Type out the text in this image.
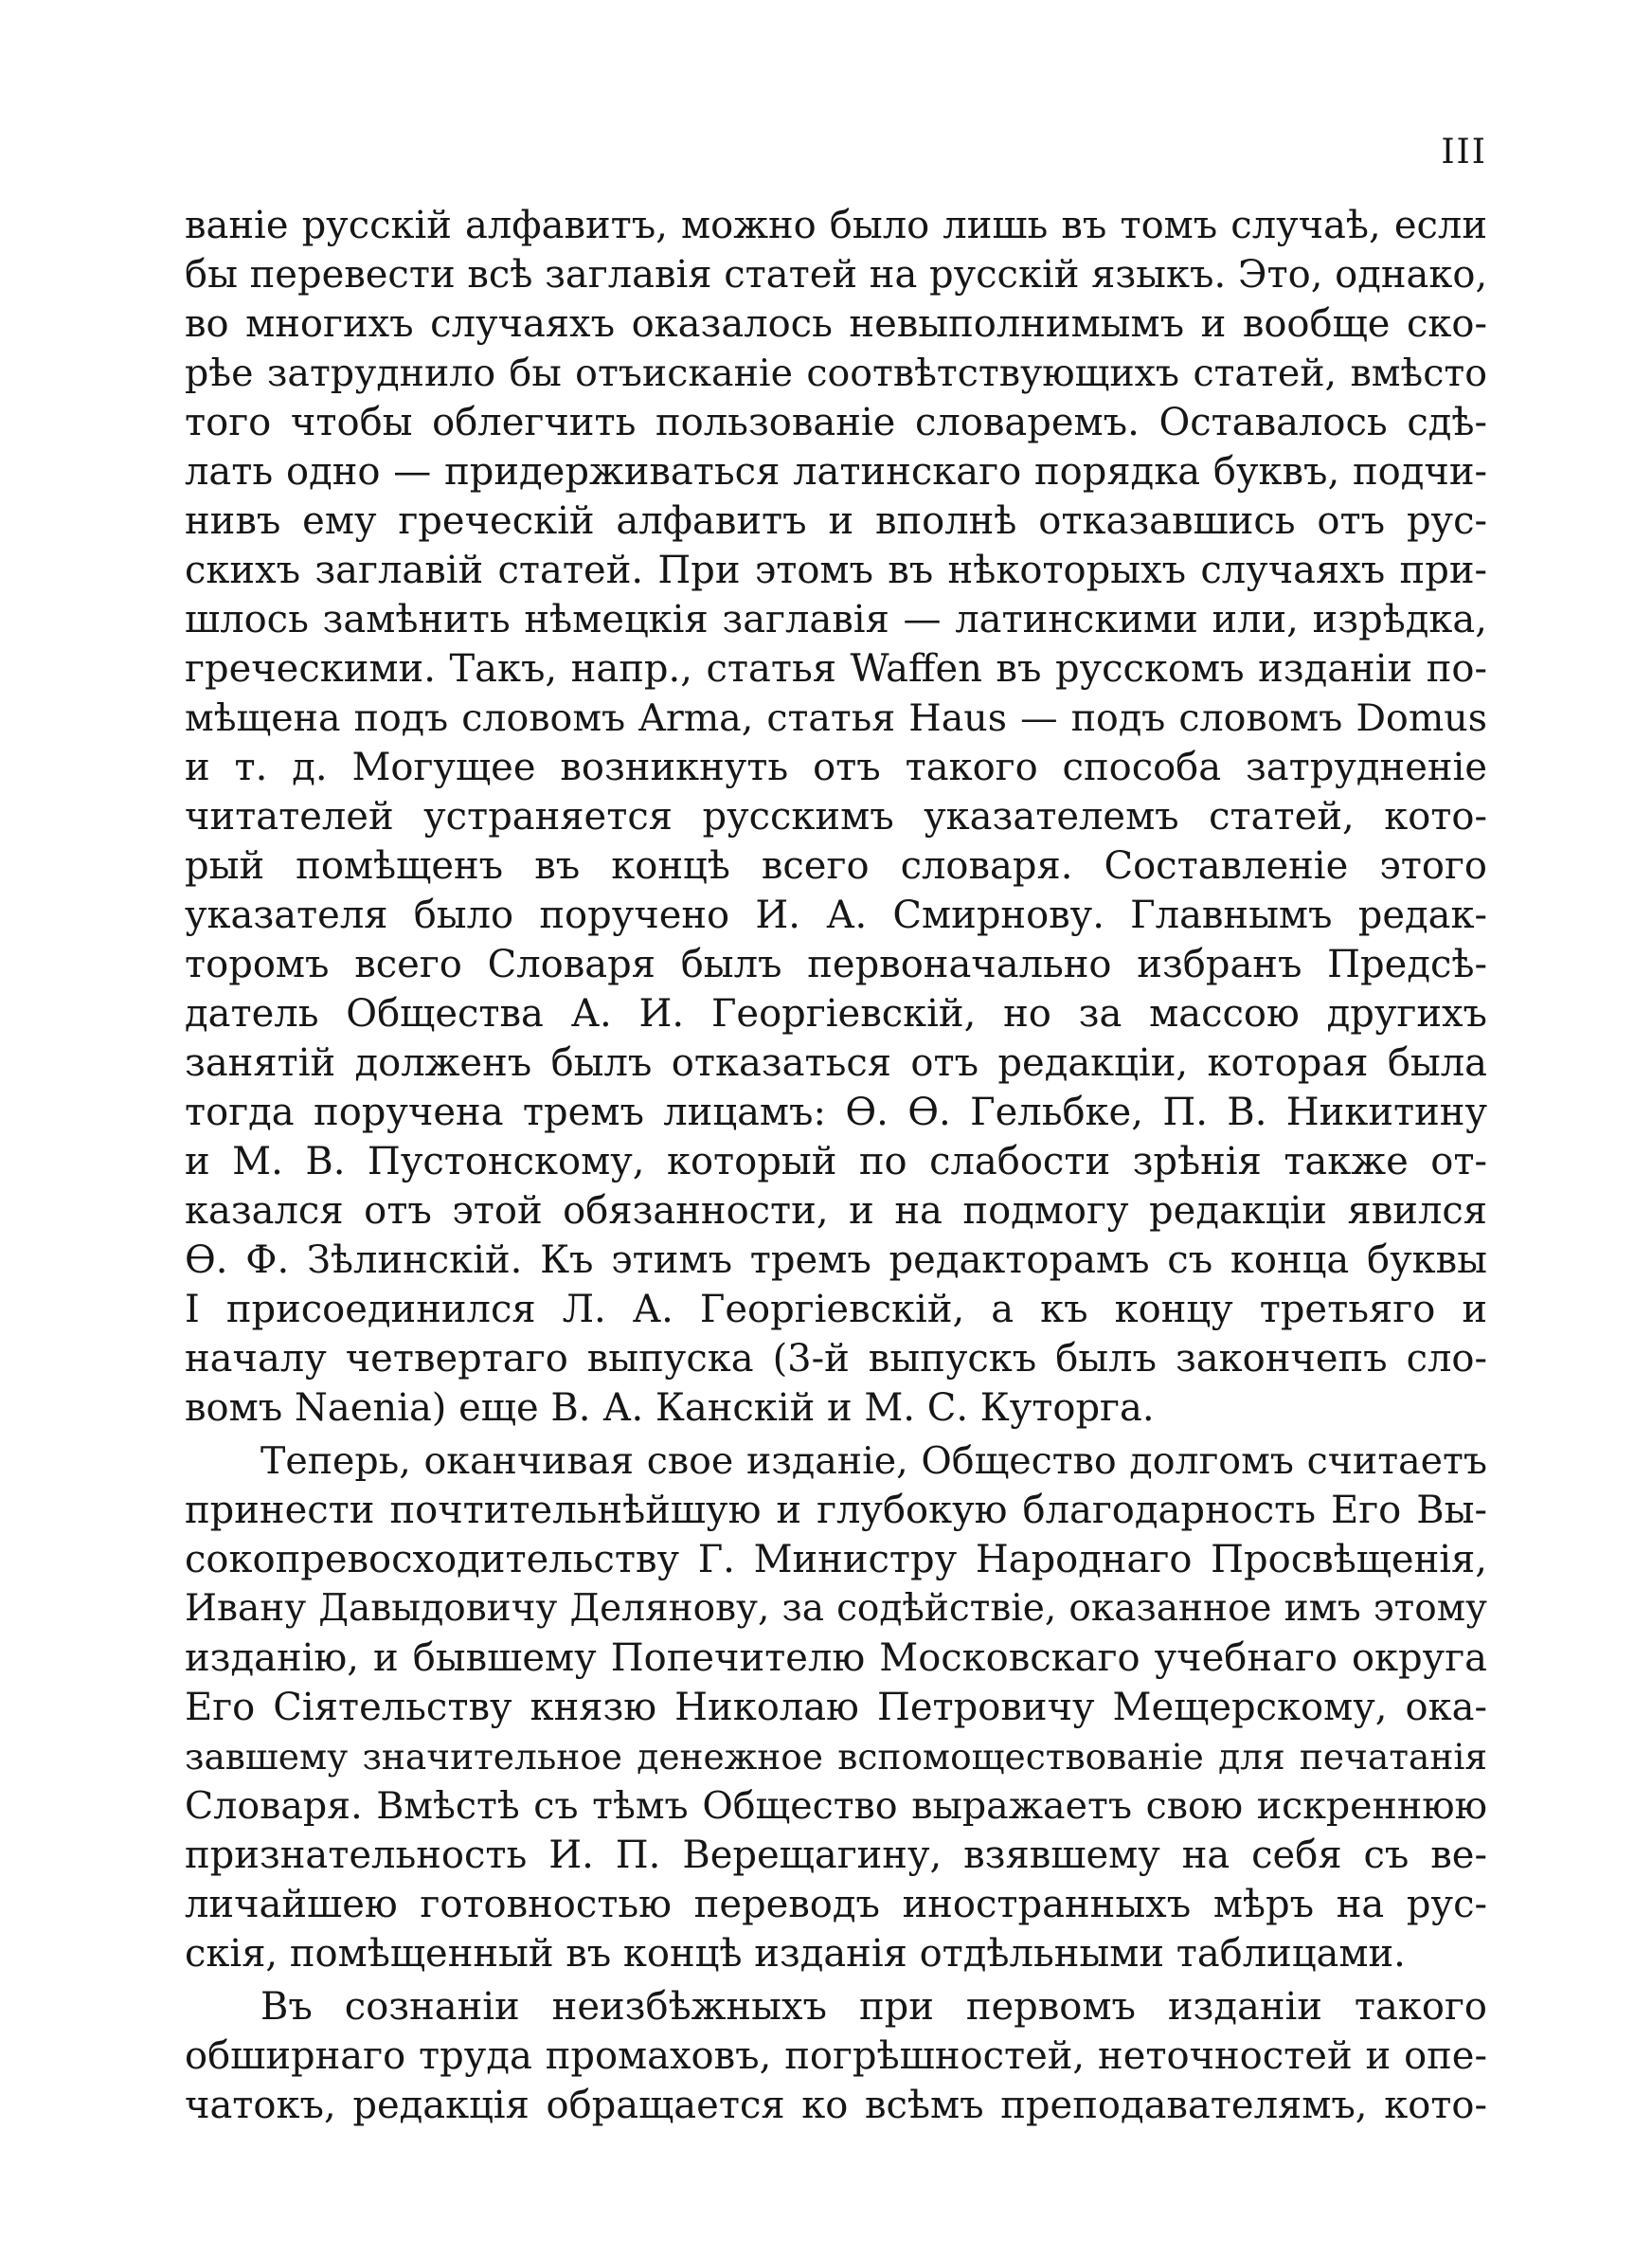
III
ваніе русскій алфавитъ, можно было лишь въ томъ случаѣ, если
бы перевести всѣ заглавія статей на русскій языкъ. Это, однако,
во многихъ случаяхъ оказалось невыполнимымъ и вообще ско-
рѣе затруднило бы отъисканіе соотвѣтствующихъ статей, вмѣсто
того чтобы облегчить пользованіе словаремъ. Оставалось сдѣ-
лать одно — придерживаться латинскаго порядка буквъ, подчи-
нивъ ему греческій алфавитъ и вполнѣ отказавшись отъ рус-
скихъ заглавій статей. При этомъ въ нѣкоторыхъ случаяхъ при-
шлось замѣнить нѣмецкія заглавія — латинскими или, изрѣдка,
греческими. Такъ, напр., статья Waffen въ русскомъ изданіи по-
мѣщена подъ словомъ Arma, статья Haus — подъ словомъ Domus
и т. д. Могущее возникнуть отъ такого способа затрудненіе
читателей устраняется русскимъ указателемъ статей, кото-
рый помѣщенъ въ концѣ всего словаря. Составленіе этого
указателя было поручено И. А. Смирнову. Главнымъ редак-
торомъ всего Словаря былъ первоначально избранъ Предсѣ-
датель Общества А. И. Георгіевскій, но за массою другихъ
занятій долженъ былъ отказаться отъ редакціи, которая была
тогда поручена тремъ лицамъ: Ѳ. Ѳ. Гельбке, П. В. Никитину
и М. В. Пустонскому, который по слабости зрѣнія также от-
казался отъ этой обязанности, и на подмогу редакціи явился
Ѳ. Ф. Зѣлинскій. Къ этимъ тремъ редакторамъ съ конца буквы
I присоединился Л. А. Георгіевскій, а къ концу третьяго и
началу четвертаго выпуска (3-й выпускъ былъ закончепъ сло-
вомъ Naenia) еще В. А. Канскій и М. С. Куторга.
Теперь, оканчивая свое изданіе, Общество долгомъ считаетъ
принести почтительнѣйшую и глубокую благодарность Его Вы-
сокопревосходительству Г. Министру Народнаго Просвѣщенія,
Ивану Давыдовичу Делянову, за содѣйствіе, оказанное имъ этому
изданію, и бывшему Попечителю Московскаго учебнаго округа
Его Сіятельству князю Николаю Петровичу Мещерскому, ока-
завшему значительное денежное вспомоществованіе для печатанія
Словаря. Вмѣстѣ съ тѣмъ Общество выражаетъ свою искреннюю
признательность И. П. Верещагину, взявшему на себя съ ве-
личайшею готовностью переводъ иностранныхъ мѣръ на рус-
скія, помѣщенный въ концѣ изданія отдѣльными таблицами.
Въ сознаніи неизбѣжныхъ при первомъ изданіи такого
обширнаго труда промаховъ, погрѣшностей, неточностей и опе-
чатокъ, редакція обращается ко всѣмъ преподавателямъ, кото-
